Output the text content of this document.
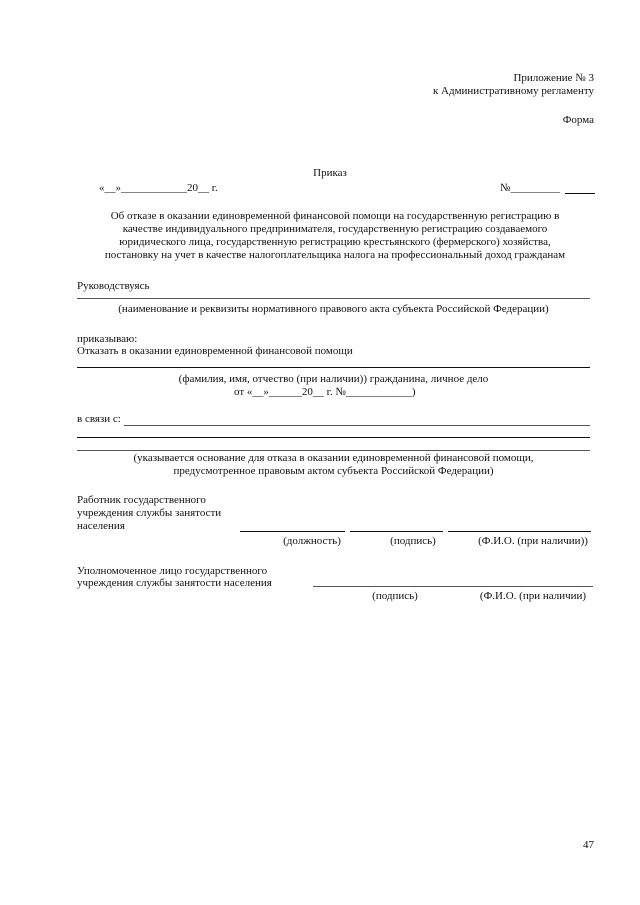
Приложение № 3
к Административному регламенту
Форма
Приказ
«__»____________20__ г.	№_________
Об отказе в оказании единовременной финансовой помощи на государственную регистрацию в
качестве индивидуального предпринимателя, государственную регистрацию создаваемого
юридического лица, государственную регистрацию крестьянского (фермерского) хозяйства,
постановку на учет в качестве налогоплательщика налога на профессиональный доход гражданам
Руководствуясь
(наименование и реквизиты нормативного правового акта субъекта Российской Федерации)
приказываю:
Отказать в оказании единовременной финансовой помощи
(фамилия, имя, отчество (при наличии)) гражданина, личное дело
от «__»______20__ г. №____________)
в связи с:
(указывается основание для отказа в оказании единовременной финансовой помощи,
предусмотренное правовым актом субъекта Российской Федерации)
Работник государственного
учреждения службы занятости
населения
(должность)	(подпись)	(Ф.И.О. (при наличии))
Уполномоченное лицо государственного
учреждения службы занятости населения
(подпись)	(Ф.И.О. (при наличии)
47
